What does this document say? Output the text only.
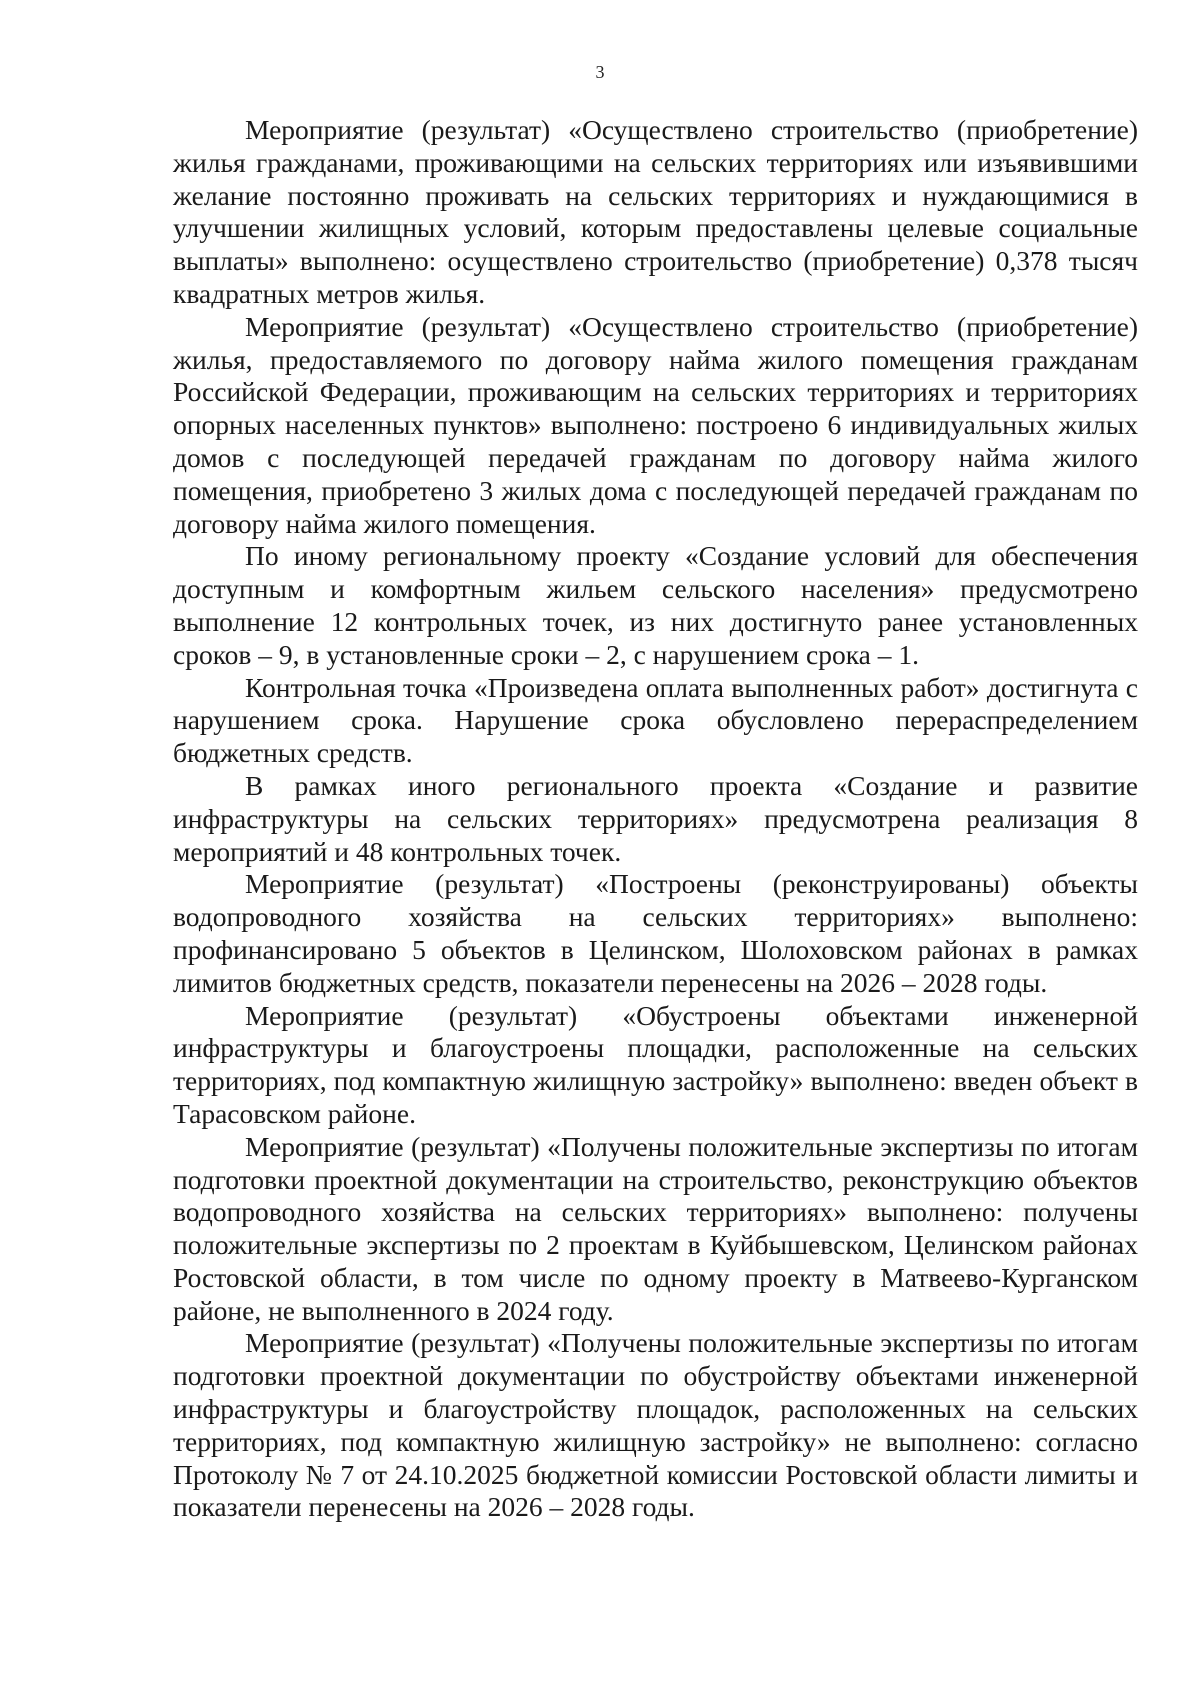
3

Мероприятие (результат) «Осуществлено строительство (приобретение) жилья гражданами, проживающими на сельских территориях или изъявившими желание постоянно проживать на сельских территориях и нуждающимися в улучшении жилищных условий, которым предоставлены целевые социальные выплаты» выполнено: осуществлено строительство (приобретение) 0,378 тысяч квадратных метров жилья.

Мероприятие (результат) «Осуществлено строительство (приобретение) жилья, предоставляемого по договору найма жилого помещения гражданам Российской Федерации, проживающим на сельских территориях и территориях опорных населенных пунктов» выполнено: построено 6 индивидуальных жилых домов с последующей передачей гражданам по договору найма жилого помещения, приобретено 3 жилых дома с последующей передачей гражданам по договору найма жилого помещения.

По иному региональному проекту «Создание условий для обеспечения доступным и комфортным жильем сельского населения» предусмотрено выполнение 12 контрольных точек, из них достигнуто ранее установленных сроков – 9, в установленные сроки – 2, с нарушением срока – 1.

Контрольная точка «Произведена оплата выполненных работ» достигнута с нарушением срока. Нарушение срока обусловлено перераспределением бюджетных средств.

В рамках иного регионального проекта «Создание и развитие инфраструктуры на сельских территориях» предусмотрена реализация 8 мероприятий и 48 контрольных точек.

Мероприятие (результат) «Построены (реконструированы) объекты водопроводного хозяйства на сельских территориях» выполнено: профинансировано 5 объектов в Целинском, Шолоховском районах в рамках лимитов бюджетных средств, показатели перенесены на 2026 – 2028 годы.

Мероприятие (результат) «Обустроены объектами инженерной инфраструктуры и благоустроены площадки, расположенные на сельских территориях, под компактную жилищную застройку» выполнено: введен объект в Тарасовском районе.

Мероприятие (результат) «Получены положительные экспертизы по итогам подготовки проектной документации на строительство, реконструкцию объектов водопроводного хозяйства на сельских территориях» выполнено: получены положительные экспертизы по 2 проектам в Куйбышевском, Целинском районах Ростовской области, в том числе по одному проекту в Матвеево-Курганском районе, не выполненного в 2024 году.

Мероприятие (результат) «Получены положительные экспертизы по итогам подготовки проектной документации по обустройству объектами инженерной инфраструктуры и благоустройству площадок, расположенных на сельских территориях, под компактную жилищную застройку» не выполнено: согласно Протоколу № 7 от 24.10.2025 бюджетной комиссии Ростовской области лимиты и показатели перенесены на 2026 – 2028 годы.
